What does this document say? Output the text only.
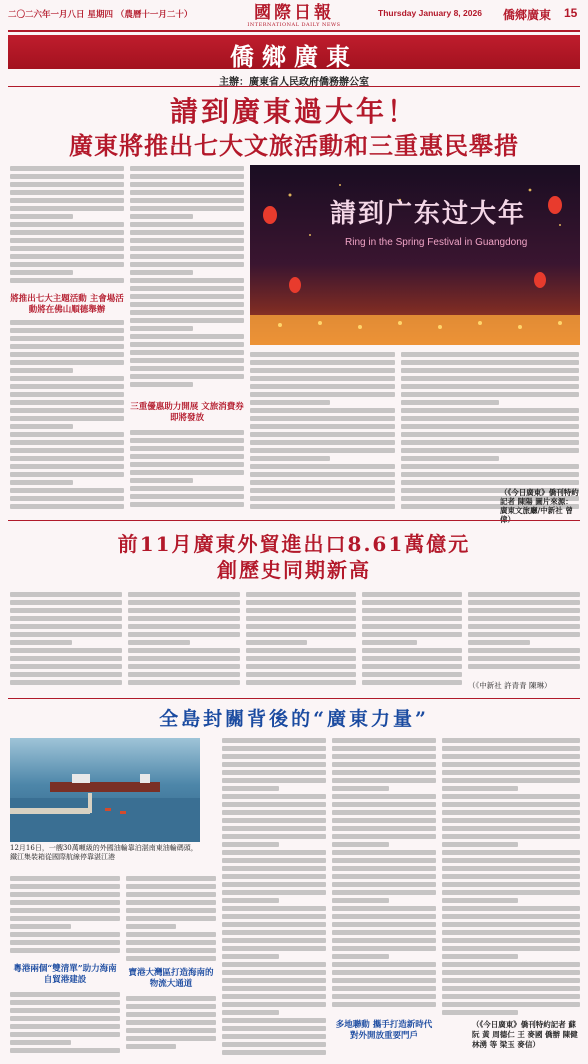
二〇二六年一月八日 星期四 （農曆十一月二十）	國際日報
INTERNATIONAL DAILY NEWS
Thursday January 8, 2026 僑鄉廣東 15
僑鄉廣東
主辦：廣東省人民政府僑務辦公室
請到廣東過大年！
廣東將推出七大文旅活動和三重惠民舉措
將推出七大主題活動 主會場活動將在佛山順德舉辦
三重優惠助力開展 文旅消費券即將發放
請到广东过大年
Ring in the Spring Festival in Guangdong
（《今日廣東》僑刊特約記者 陳陽 圖片來源：廣東文旅廳/中新社 曾偉）
前11月廣東外貿進出口8.61萬億元
創歷史同期新高
（《中新社 許青青 陳琳）
全島封關背後的“廣東力量”
12月16日，一艘30萬噸級的外國油輪靠泊湛南東油輪碼頭，鐵江集裝箱從國際航線停靠湛江港
粵港兩個“雙清單”助力海南自貿港建設
寶港大灣區打造海南的物流大通道
多地聯動 攜手打造新時代對外開放重要門戶
（《今日廣東》僑刊特約記者 蘇 阮 黃 周德仁 王 麥國 僑辦 陳健 林湧 等 梁玉 麥信）
